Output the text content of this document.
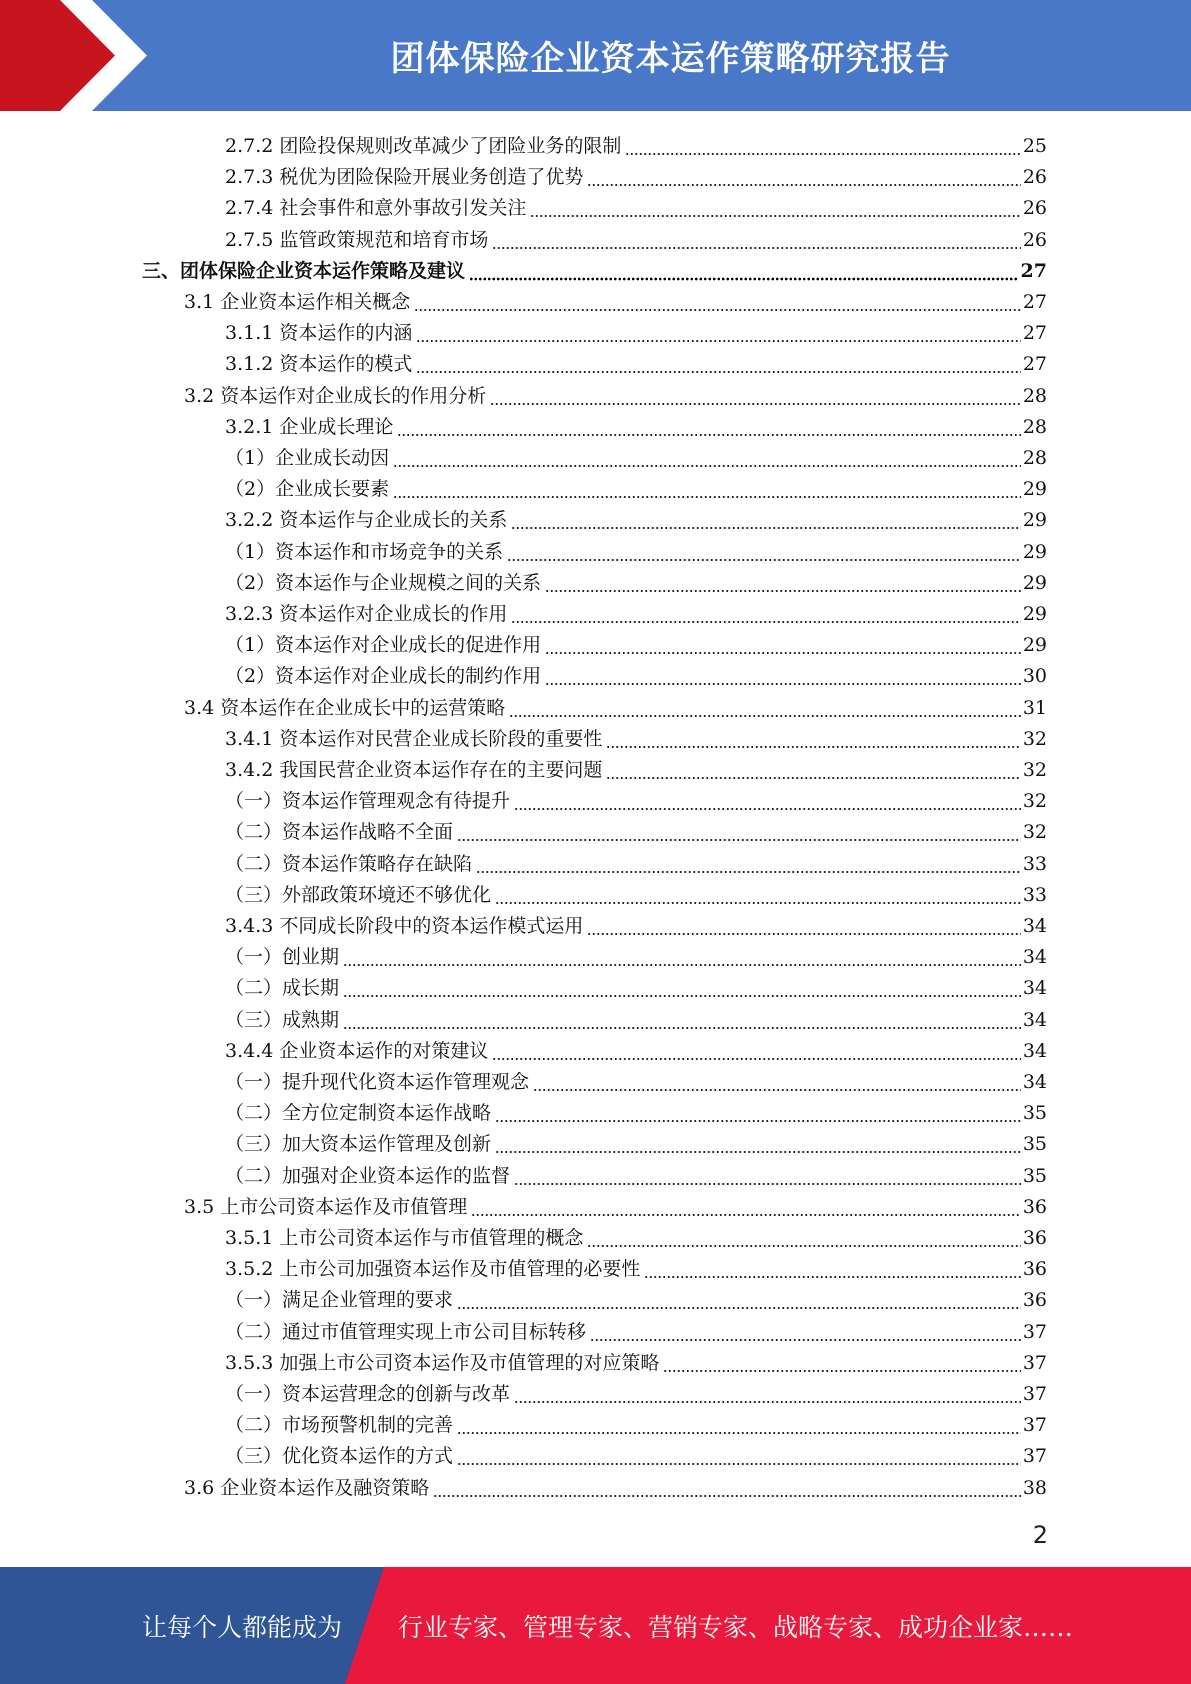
团体保险企业资本运作策略研究报告
2.7.2 团险投保规则改革减少了团险业务的限制	25
2.7.3 税优为团险保险开展业务创造了优势	26
2.7.4 社会事件和意外事故引发关注	26
2.7.5 监管政策规范和培育市场	26
三、团体保险企业资本运作策略及建议	27
3.1 企业资本运作相关概念	27
3.1.1 资本运作的内涵	27
3.1.2 资本运作的模式	27
3.2 资本运作对企业成长的作用分析	28
3.2.1 企业成长理论	28
（1）企业成长动因	28
（2）企业成长要素	29
3.2.2 资本运作与企业成长的关系	29
（1）资本运作和市场竞争的关系	29
（2）资本运作与企业规模之间的关系	29
3.2.3 资本运作对企业成长的作用	29
（1）资本运作对企业成长的促进作用	29
（2）资本运作对企业成长的制约作用	30
3.4 资本运作在企业成长中的运营策略	31
3.4.1 资本运作对民营企业成长阶段的重要性	32
3.4.2 我国民营企业资本运作存在的主要问题	32
（一）资本运作管理观念有待提升	32
（二）资本运作战略不全面	32
（二）资本运作策略存在缺陷	33
（三）外部政策环境还不够优化	33
3.4.3 不同成长阶段中的资本运作模式运用	34
（一）创业期	34
（二）成长期	34
（三）成熟期	34
3.4.4 企业资本运作的对策建议	34
（一）提升现代化资本运作管理观念	34
（二）全方位定制资本运作战略	35
（三）加大资本运作管理及创新	35
（二）加强对企业资本运作的监督	35
3.5 上市公司资本运作及市值管理	36
3.5.1 上市公司资本运作与市值管理的概念	36
3.5.2 上市公司加强资本运作及市值管理的必要性	36
（一）满足企业管理的要求	36
（二）通过市值管理实现上市公司目标转移	37
3.5.3 加强上市公司资本运作及市值管理的对应策略	37
（一）资本运营理念的创新与改革	37
（二）市场预警机制的完善	37
（三）优化资本运作的方式	37
3.6 企业资本运作及融资策略	38
2
让每个人都能成为 行业专家、管理专家、营销专家、战略专家、成功企业家……
